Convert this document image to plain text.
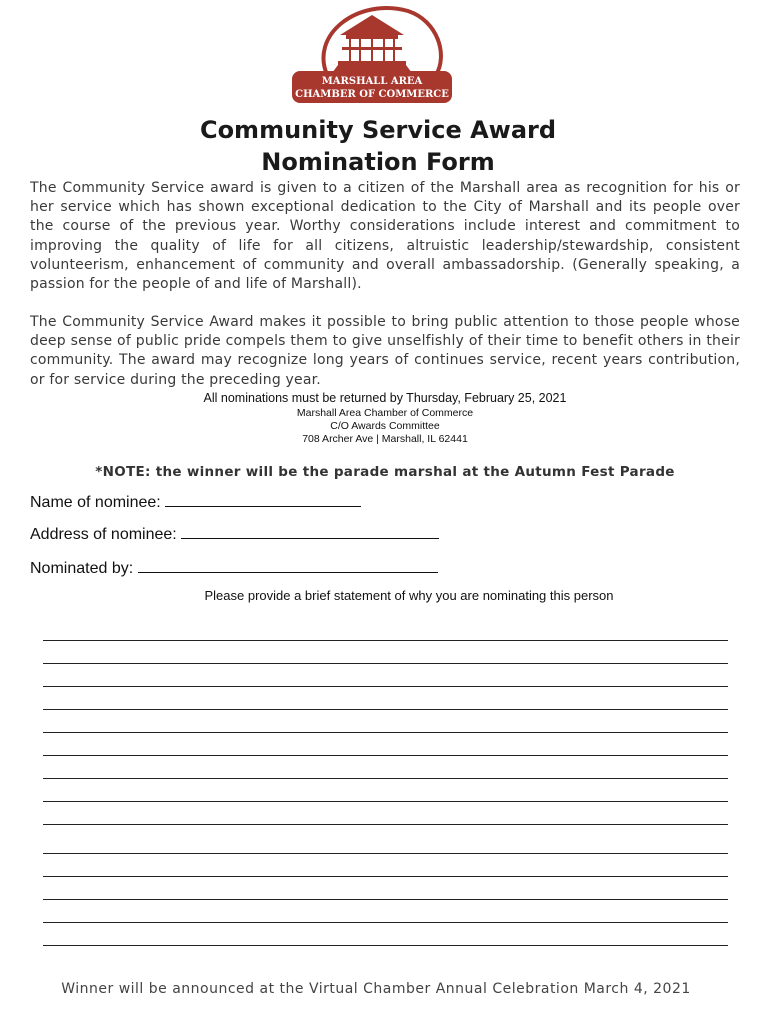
1982
MARSHALL AREA
CHAMBER OF COMMERCE
Community Service Award
Nomination Form
The Community Service award is given to a citizen of the Marshall area as recognition for his or her service which has shown exceptional dedication to the City of Marshall and its people over the course of the previous year. Worthy considerations include interest and commitment to improving the quality of life for all citizens, altruistic leadership/stewardship, consistent volunteerism, enhancement of community and overall ambassadorship. (Generally speaking, a passion for the people of and life of Marshall).
The Community Service Award makes it possible to bring public attention to those people whose deep sense of public pride compels them to give unselfishly of their time to benefit others in their community. The award may recognize long years of continues service, recent years contribution, or for service during the preceding year.
All nominations must be returned by Thursday, February 25, 2021
Marshall Area Chamber of Commerce
C/O Awards Committee
708 Archer Ave | Marshall, IL 62441
*NOTE: the winner will be the parade marshal at the Autumn Fest Parade
Name of nominee:
Address of nominee:
Nominated by:
Please provide a brief statement of why you are nominating this person
Winner will be announced at the Virtual Chamber Annual Celebration March 4, 2021
